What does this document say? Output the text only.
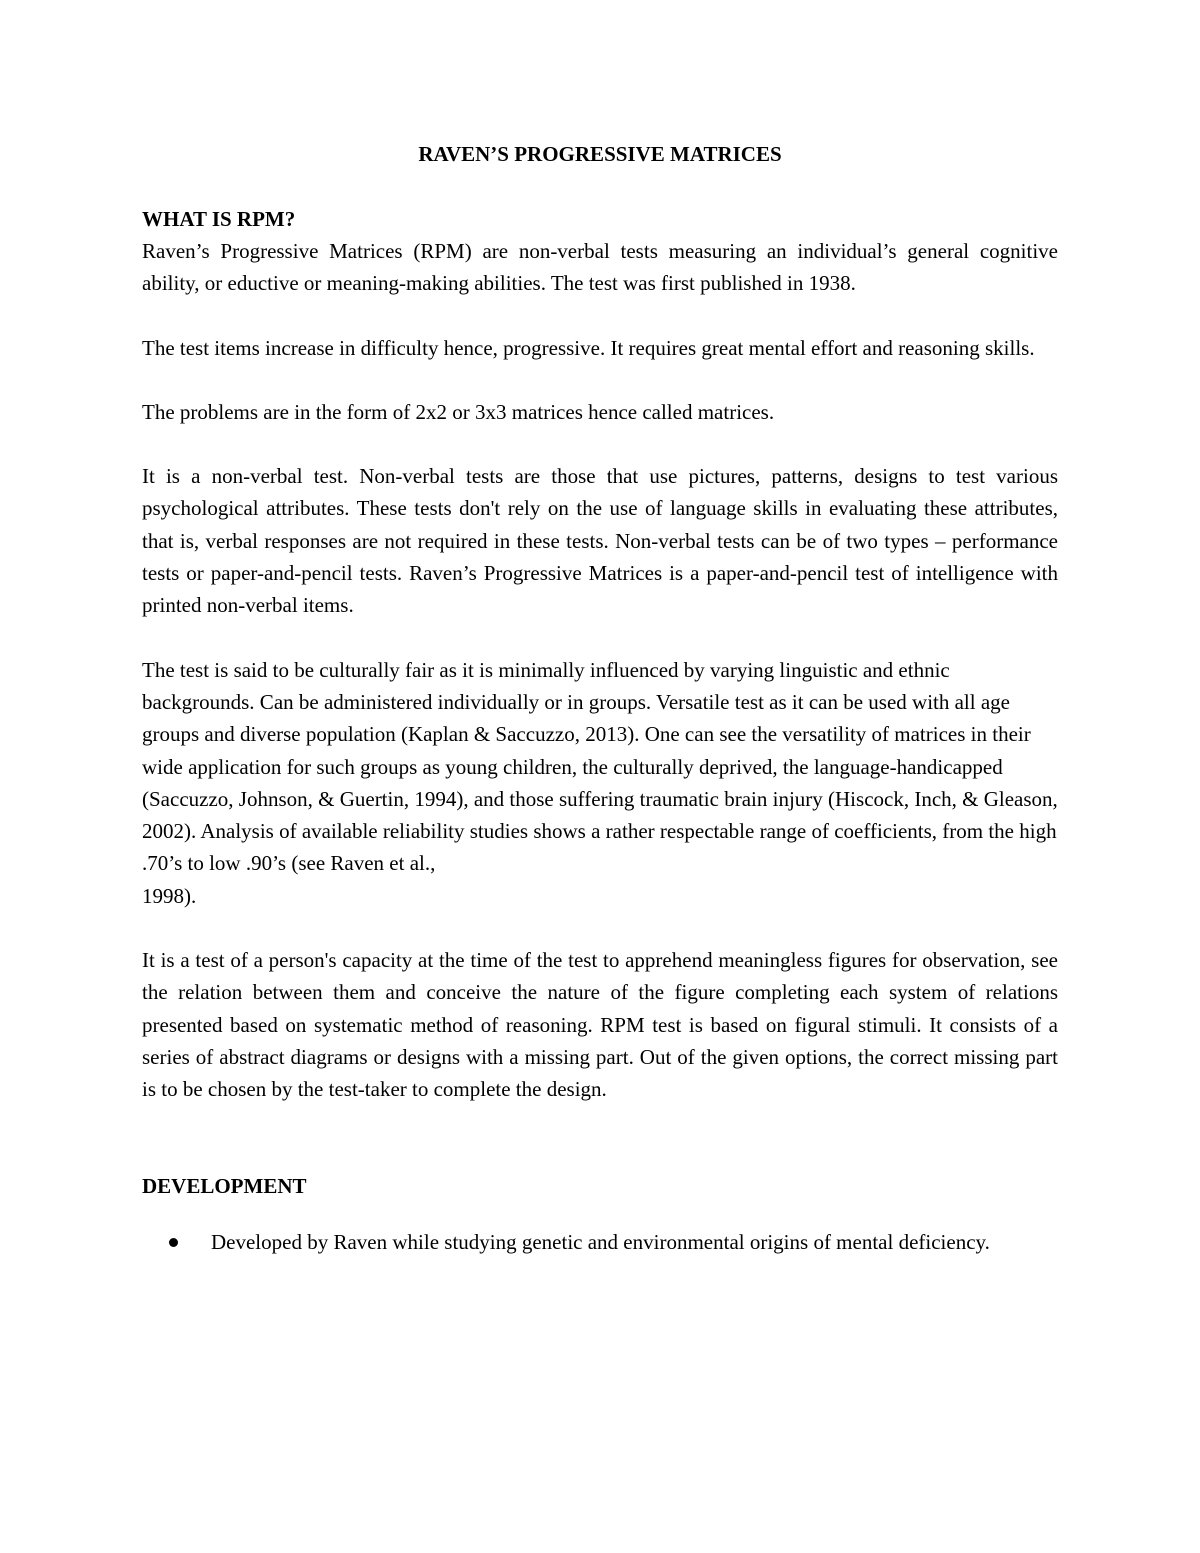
RAVEN’S PROGRESSIVE MATRICES
WHAT IS RPM?

Raven’s Progressive Matrices (RPM) are non-verbal tests measuring an individual’s general cognitive ability, or eductive or meaning-making abilities. The test was first published in 1938.

The test items increase in difficulty hence, progressive. It requires great mental effort and reasoning skills.

The problems are in the form of 2x2 or 3x3 matrices hence called matrices.

It is a non-verbal test. Non-verbal tests are those that use pictures, patterns, designs to test various psychological attributes. These tests don't rely on the use of language skills in evaluating these attributes, that is, verbal responses are not required in these tests. Non-verbal tests can be of two types – performance tests or paper-and-pencil tests. Raven’s Progressive Matrices is a paper-and-pencil test of intelligence with printed non-verbal items.

The test is said to be culturally fair as it is minimally influenced by varying linguistic and ethnic backgrounds. Can be administered individually or in groups. Versatile test as it can be used with all age groups and diverse population (Kaplan & Saccuzzo, 2013). One can see the versatility of matrices in their wide application for such groups as young children, the culturally deprived, the language-handicapped (Saccuzzo, Johnson, & Guertin, 1994), and those suffering traumatic brain injury (Hiscock, Inch, & Gleason, 2002). Analysis of available reliability studies shows a rather respectable range of coefficients, from the high .70’s to low .90’s (see Raven et al.,
1998).

It is a test of a person's capacity at the time of the test to apprehend meaningless figures for observation, see the relation between them and conceive the nature of the figure completing each system of relations presented based on systematic method of reasoning. RPM test is based on figural stimuli. It consists of a series of abstract diagrams or designs with a missing part. Out of the given options, the correct missing part is to be chosen by the test-taker to complete the design.

DEVELOPMENT
Developed by Raven while studying genetic and environmental origins of mental deficiency.
